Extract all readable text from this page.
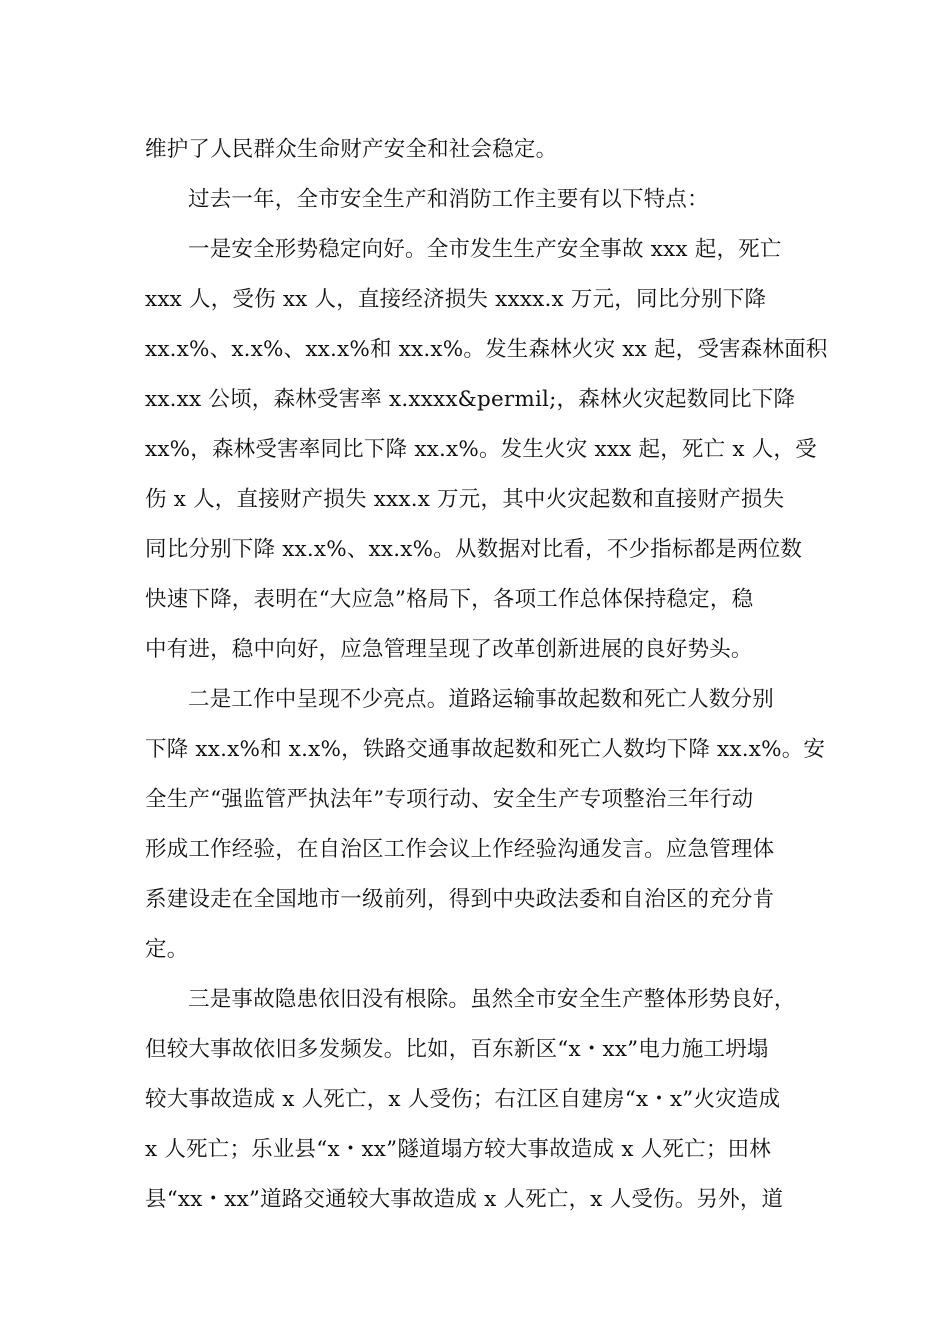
维护了人民群众生命财产安全和社会稳定。
过去一年，全市安全生产和消防工作主要有以下特点：
一是安全形势稳定向好。全市发生生产安全事故 xxx 起，死亡
xxx 人，受伤 xx 人，直接经济损失 xxxx.x 万元，同比分别下降
xx.x%、x.x%、xx.x%和 xx.x%。发生森林火灾 xx 起，受害森林面积
xx.xx 公顷，森林受害率 x.xxxx&permil;，森林火灾起数同比下降
xx%，森林受害率同比下降 xx.x%。发生火灾 xxx 起，死亡 x 人，受
伤 x 人，直接财产损失 xxx.x 万元，其中火灾起数和直接财产损失
同比分别下降 xx.x%、xx.x%。从数据对比看，不少指标都是两位数
快速下降，表明在“大应急”格局下，各项工作总体保持稳定，稳
中有进，稳中向好，应急管理呈现了改革创新进展的良好势头。
二是工作中呈现不少亮点。道路运输事故起数和死亡人数分别
下降 xx.x%和 x.x%，铁路交通事故起数和死亡人数均下降 xx.x%。安
全生产“强监管严执法年”专项行动、安全生产专项整治三年行动
形成工作经验，在自治区工作会议上作经验沟通发言。应急管理体
系建设走在全国地市一级前列，得到中央政法委和自治区的充分肯
定。
三是事故隐患依旧没有根除。虽然全市安全生产整体形势良好，
但较大事故依旧多发频发。比如，百东新区“x・xx”电力施工坍塌
较大事故造成 x 人死亡，x 人受伤；右江区自建房“x・x”火灾造成
x 人死亡；乐业县“x・xx”隧道塌方较大事故造成 x 人死亡；田林
县“xx・xx”道路交通较大事故造成 x 人死亡，x 人受伤。另外，道
